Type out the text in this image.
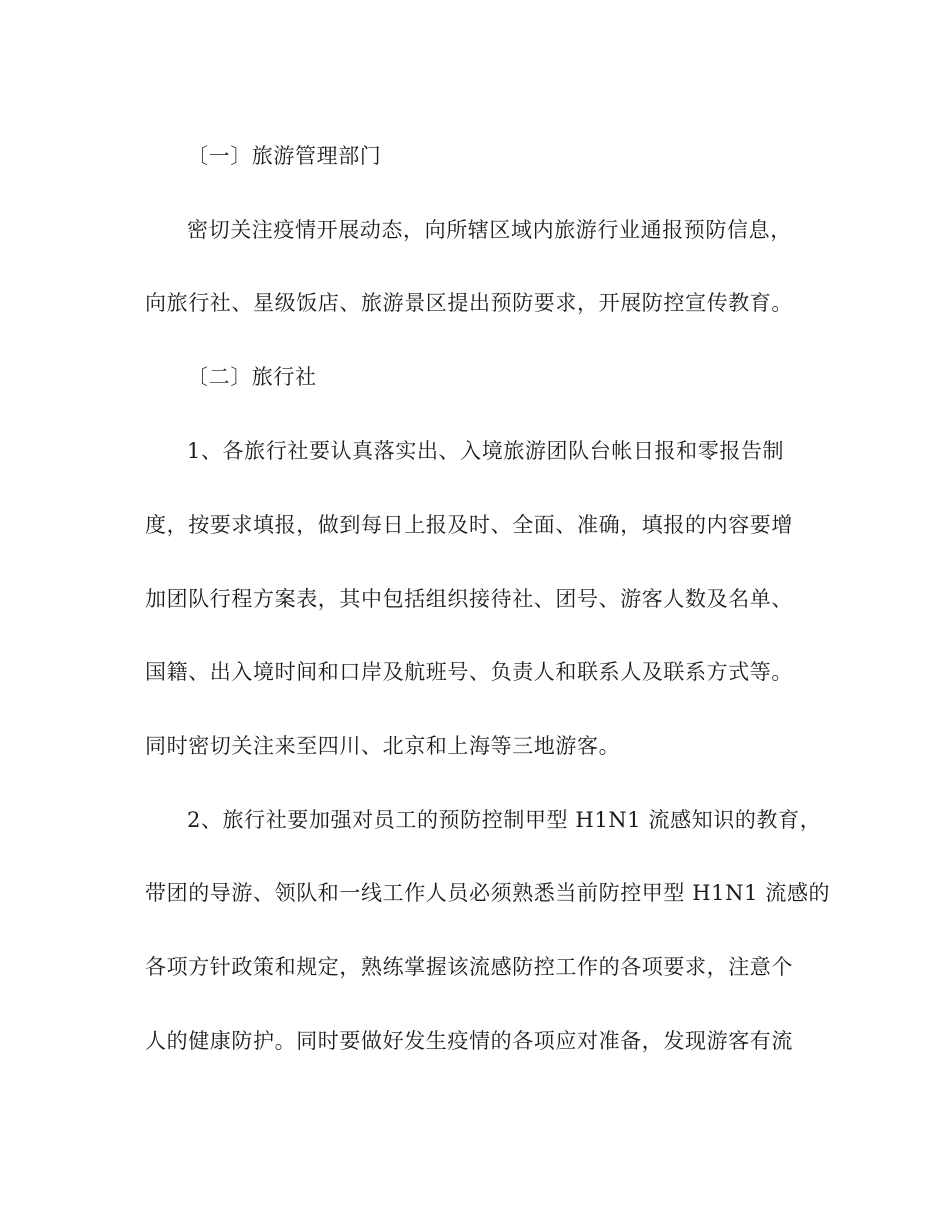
〔一〕旅游管理部门

密切关注疫情开展动态，向所辖区域内旅游行业通报预防信息，

向旅行社、星级饭店、旅游景区提出预防要求，开展防控宣传教育。

〔二〕旅行社

1、各旅行社要认真落实出、入境旅游团队台帐日报和零报告制

度，按要求填报，做到每日上报及时、全面、准确，填报的内容要增

加团队行程方案表，其中包括组织接待社、团号、游客人数及名单、

国籍、出入境时间和口岸及航班号、负责人和联系人及联系方式等。

同时密切关注来至四川、北京和上海等三地游客。

2、旅行社要加强对员工的预防控制甲型 H1N1 流感知识的教育，

带团的导游、领队和一线工作人员必须熟悉当前防控甲型 H1N1 流感的

各项方针政策和规定，熟练掌握该流感防控工作的各项要求，注意个

人的健康防护。同时要做好发生疫情的各项应对准备，发现游客有流
